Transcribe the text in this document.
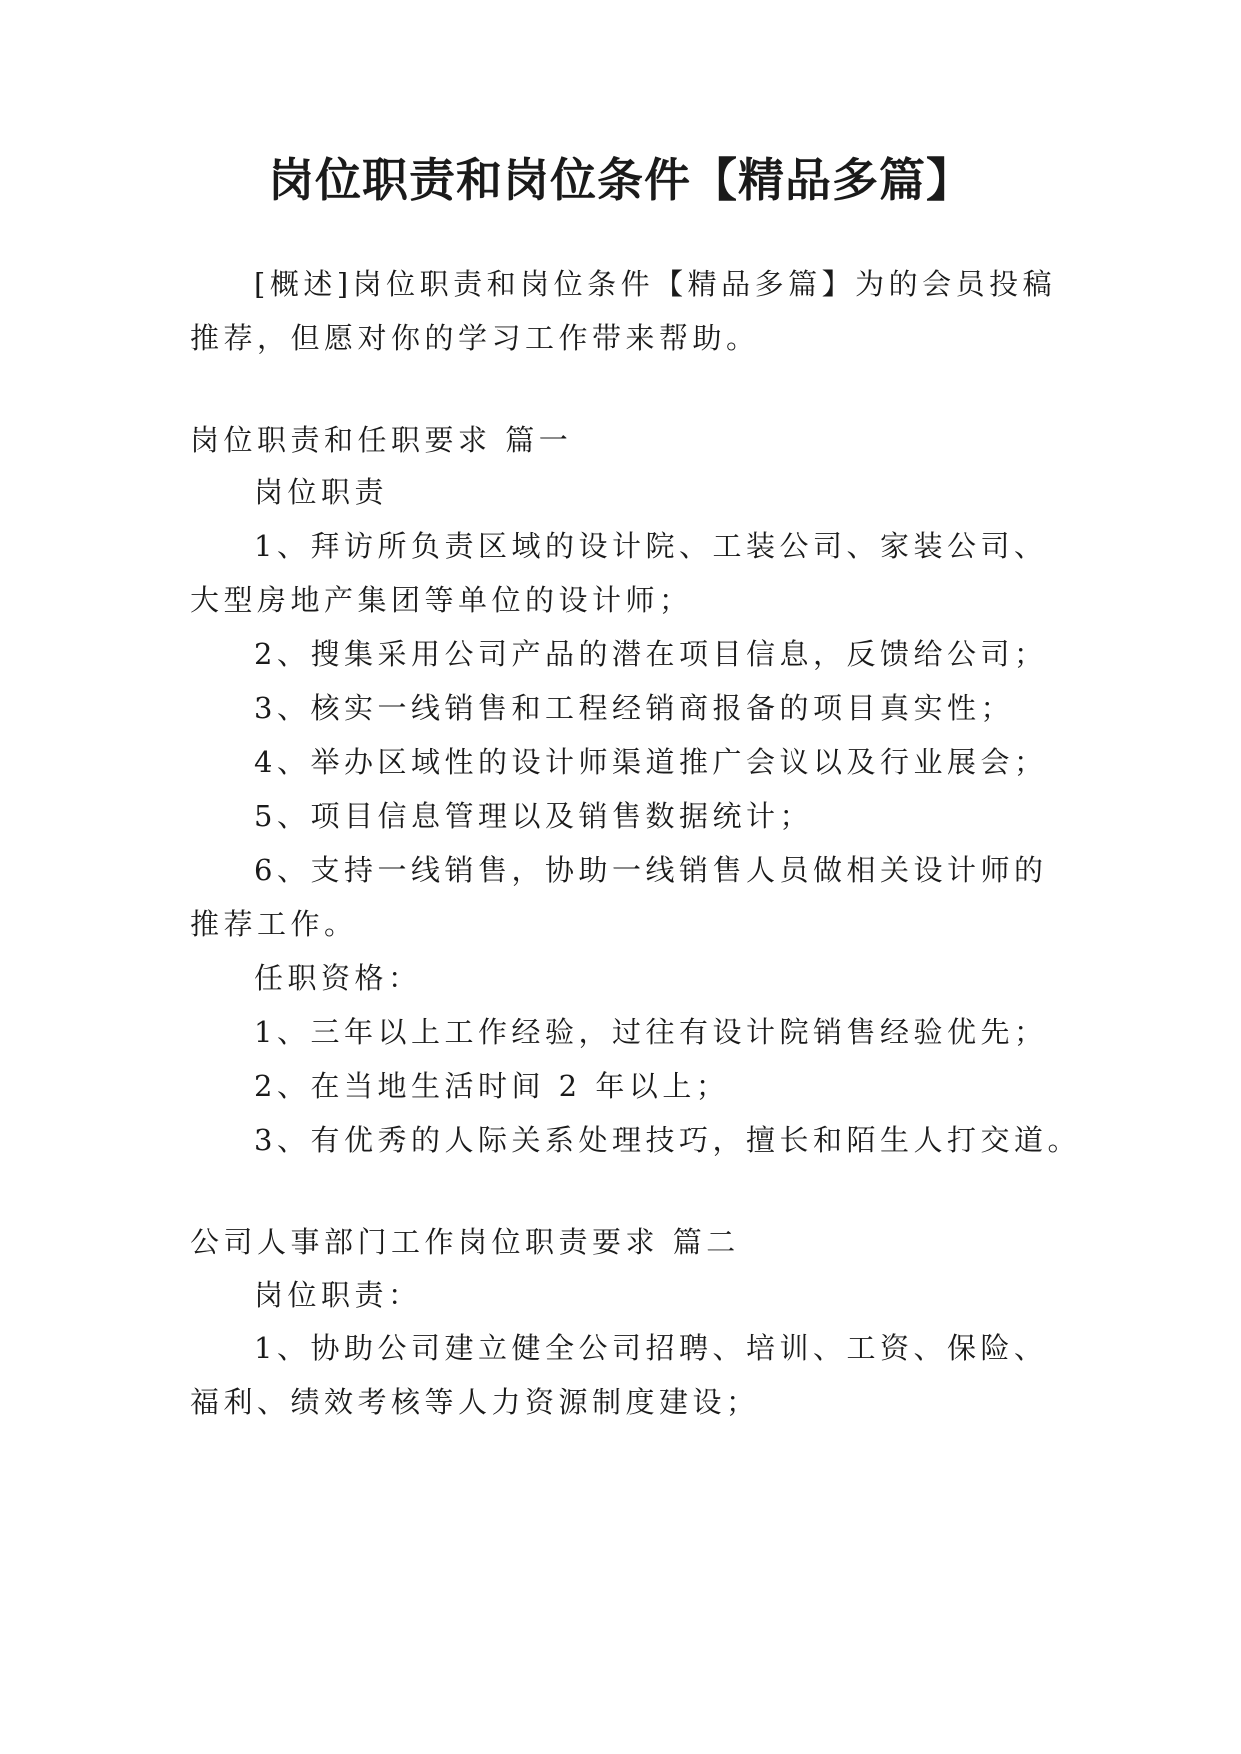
岗位职责和岗位条件【精品多篇】
[概述]岗位职责和岗位条件【精品多篇】为的会员投稿
推荐，但愿对你的学习工作带来帮助。
岗位职责和任职要求 篇一
岗位职责
1、拜访所负责区域的设计院、工装公司、家装公司、
大型房地产集团等单位的设计师；
2、搜集采用公司产品的潜在项目信息，反馈给公司；
3、核实一线销售和工程经销商报备的项目真实性；
4、举办区域性的设计师渠道推广会议以及行业展会；
5、项目信息管理以及销售数据统计；
6、支持一线销售，协助一线销售人员做相关设计师的
推荐工作。
任职资格：
1、三年以上工作经验，过往有设计院销售经验优先；
2、在当地生活时间 2 年以上；
3、有优秀的人际关系处理技巧，擅长和陌生人打交道。
公司人事部门工作岗位职责要求 篇二
岗位职责：
1、协助公司建立健全公司招聘、培训、工资、保险、
福利、绩效考核等人力资源制度建设；
